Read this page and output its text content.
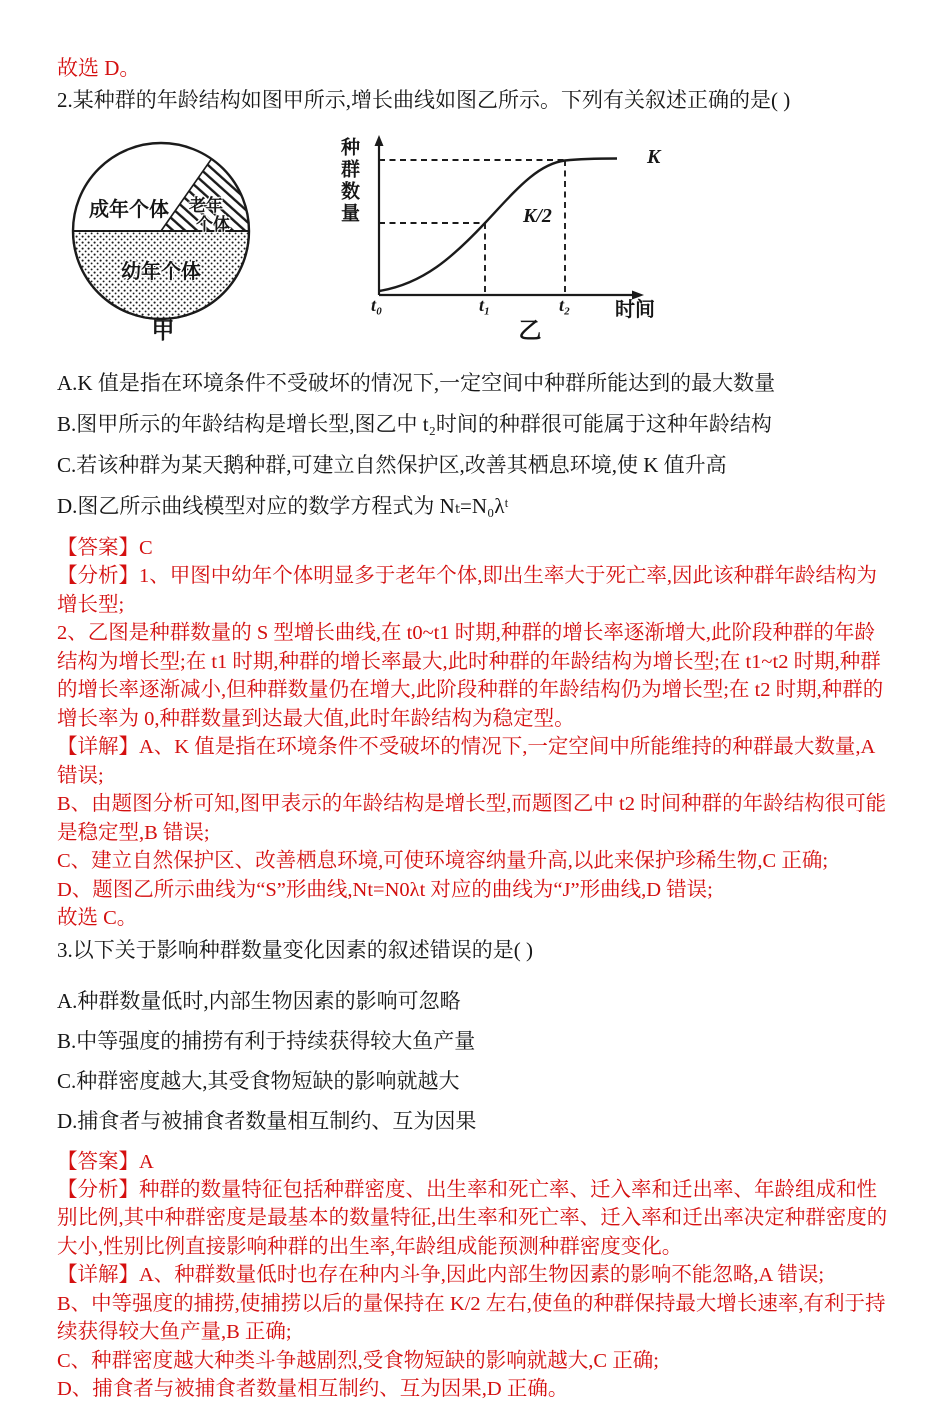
故选 D。

2.某种群的年龄结构如图甲所示,增长曲线如图乙所示。下列有关叙述正确的是( )

成年个体 老年
个体
幼年个体
甲
种群数量	K
K/2
t₀	t₁	t₂ 时间
乙

A.K 值是指在环境条件不受破坏的情况下,一定空间中种群所能达到的最大数量

B.图甲所示的年龄结构是增长型,图乙中 t₂时间的种群很可能属于这种年龄结构

C.若该种群为某天鹅种群,可建立自然保护区,改善其栖息环境,使 K 值升高

D.图乙所示曲线模型对应的数学方程式为 Nₜ=N₀λᵗ

【答案】C

【分析】1、甲图中幼年个体明显多于老年个体,即出生率大于死亡率,因此该种群年龄结构为增长型;

2、乙图是种群数量的 S 型增长曲线,在 t0~t1 时期,种群的增长率逐渐增大,此阶段种群的年龄结构为增长型;在 t1 时期,种群的增长率最大,此时种群的年龄结构为增长型;在 t1~t2 时期,种群的增长率逐渐减小,但种群数量仍在增大,此阶段种群的年龄结构仍为增长型;在 t2 时期,种群的增长率为 0,种群数量到达最大值,此时年龄结构为稳定型。

【详解】A、K 值是指在环境条件不受破坏的情况下,一定空间中所能维持的种群最大数量,A 错误;

B、由题图分析可知,图甲表示的年龄结构是增长型,而题图乙中 t2 时间种群的年龄结构很可能是稳定型,B 错误;

C、建立自然保护区、改善栖息环境,可使环境容纳量升高,以此来保护珍稀生物,C 正确;

D、题图乙所示曲线为“S”形曲线,Nt=N0λt 对应的曲线为“J”形曲线,D 错误;

故选 C。

3.以下关于影响种群数量变化因素的叙述错误的是( )

A.种群数量低时,内部生物因素的影响可忽略

B.中等强度的捕捞有利于持续获得较大鱼产量

C.种群密度越大,其受食物短缺的影响就越大

D.捕食者与被捕食者数量相互制约、互为因果

【答案】A

【分析】种群的数量特征包括种群密度、出生率和死亡率、迁入率和迁出率、年龄组成和性别比例,其中种群密度是最基本的数量特征,出生率和死亡率、迁入率和迁出率决定种群密度的大小,性别比例直接影响种群的出生率,年龄组成能预测种群密度变化。

【详解】A、种群数量低时也存在种内斗争,因此内部生物因素的影响不能忽略,A 错误;

B、中等强度的捕捞,使捕捞以后的量保持在 K/2 左右,使鱼的种群保持最大增长速率,有利于持续获得较大鱼产量,B 正确;

C、种群密度越大种类斗争越剧烈,受食物短缺的影响就越大,C 正确;

D、捕食者与被捕食者数量相互制约、互为因果,D 正确。
